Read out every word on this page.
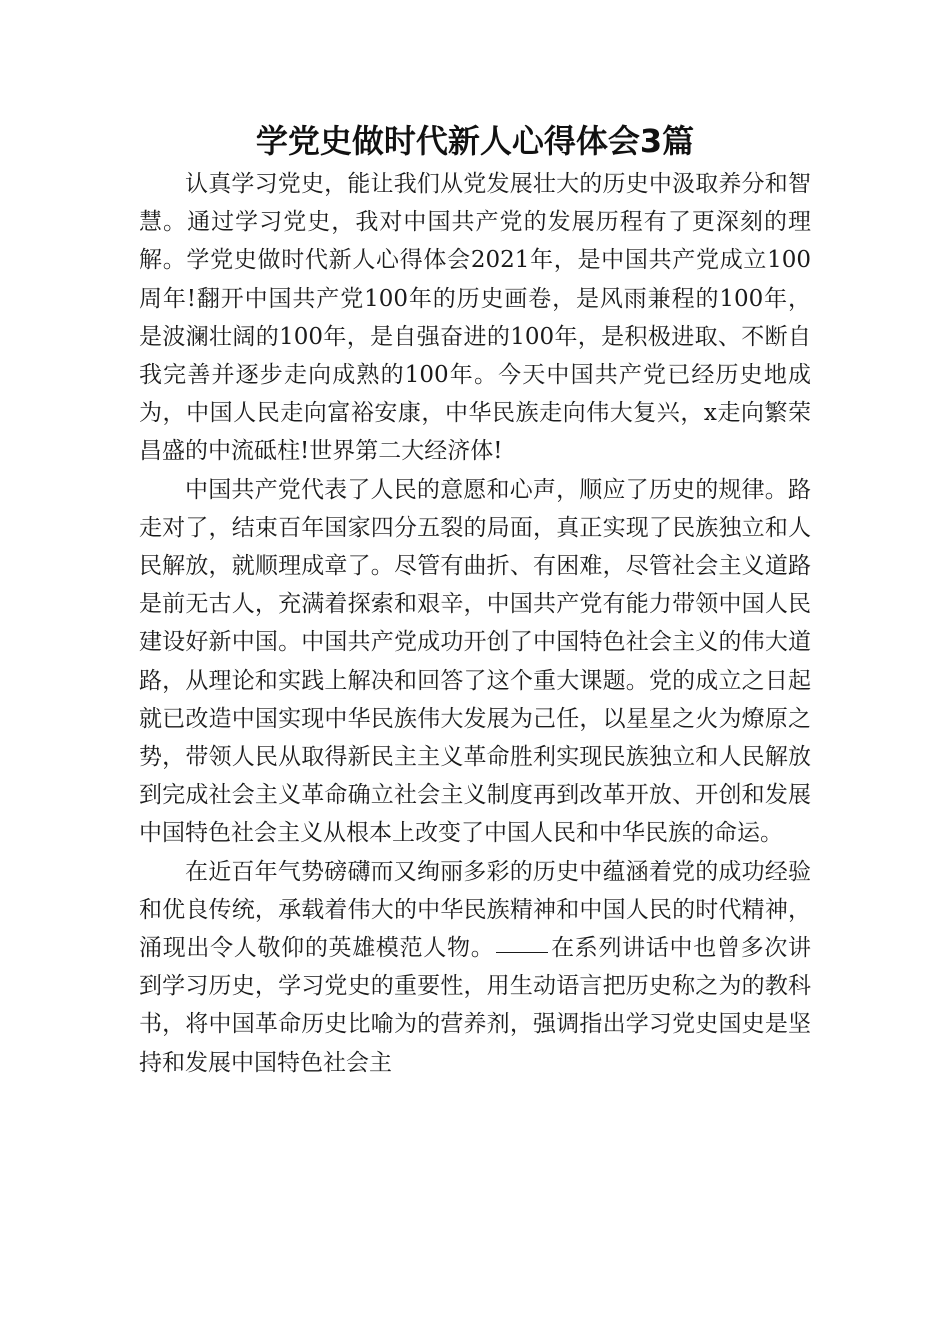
学党史做时代新人心得体会3篇

认真学习党史，能让我们从党发展壮大的历史中汲取养分和智慧。通过学习党史，我对中国共产党的发展历程有了更深刻的理解。学党史做时代新人心得体会2021年，是中国共产党成立100周年!翻开中国共产党100年的历史画卷，是风雨兼程的100年，是波澜壮阔的100年，是自强奋进的100年，是积极进取、不断自我完善并逐步走向成熟的100年。今天中国共产党已经历史地成为，中国人民走向富裕安康，中华民族走向伟大复兴，x走向繁荣昌盛的中流砥柱!世界第二大经济体!

中国共产党代表了人民的意愿和心声，顺应了历史的规律。路走对了，结束百年国家四分五裂的局面，真正实现了民族独立和人民解放，就顺理成章了。尽管有曲折、有困难，尽管社会主义道路是前无古人，充满着探索和艰辛，中国共产党有能力带领中国人民建设好新中国。中国共产党成功开创了中国特色社会主义的伟大道路，从理论和实践上解决和回答了这个重大课题。党的成立之日起就已改造中国实现中华民族伟大发展为己任，以星星之火为燎原之势，带领人民从取得新民主主义革命胜利实现民族独立和人民解放到完成社会主义革命确立社会主义制度再到改革开放、开创和发展中国特色社会主义从根本上改变了中国人民和中华民族的命运。

在近百年气势磅礴而又绚丽多彩的历史中蕴涵着党的成功经验和优良传统，承载着伟大的中华民族精神和中国人民的时代精神，涌现出令人敬仰的英雄模范人物。 在系列讲话中也曾多次讲到学习历史，学习党史的重要性，用生动语言把历史称之为的教科书，将中国革命历史比喻为的营养剂，强调指出学习党史国史是坚持和发展中国特色社会主
